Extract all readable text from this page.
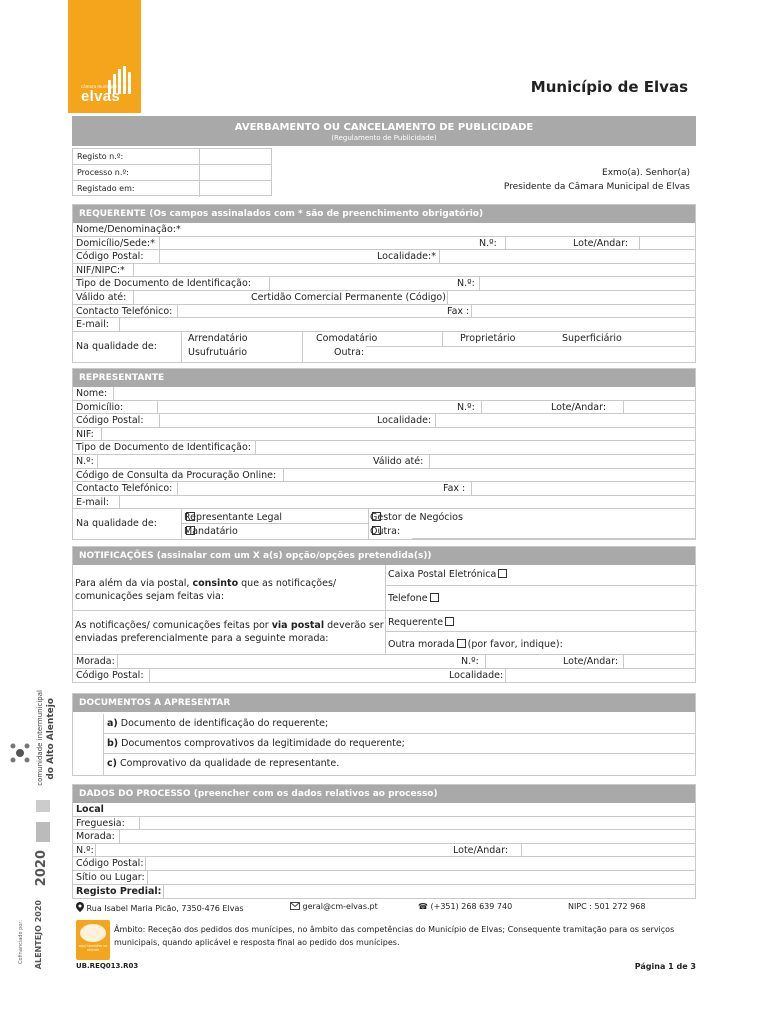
câmara municipal
elvas
Município de Elvas
comunidade intermunicipal do Alto Alentejo
2020
ALENTEJO 2020
Cofinanciado por:
AVERBAMENTO OU CANCELAMENTO DE PUBLICIDADE
(Regulamento de Publicidade)
Registo n.º:
Processo n.º:
Registado em:
Exmo(a). Senhor(a)
Presidente da Câmara Municipal de Elvas
REQUERENTE (Os campos assinalados com * são de preenchimento obrigatório)
Nome/Denominação:*
Domicílio/Sede:*	N.º:	Lote/Andar:
Código Postal:	Localidade:*
NIF/NIPC:*
Tipo de Documento de Identificação:	N.º:
Válido até:	Certidão Comercial Permanente (Código):
Contacto Telefónico:	Fax :
E-mail:
Na qualidade de:
Arrendatário	Comodatário	Proprietário	Superficiário
Usufrutuário	Outra:
REPRESENTANTE
Nome:
Domicílio:	N.º:	Lote/Andar:
Código Postal:	Localidade:
NIF:
Tipo de Documento de Identificação:
N.º:	Válido até:
Código de Consulta da Procuração Online:
Contacto Telefónico:	Fax :
E-mail:
Na qualidade de:
Representante Legal	Gestor de Negócios
Mandatário	Outra:
NOTIFICAÇÕES (assinalar com um X a(s) opção/opções pretendida(s))
Para além da via postal, consinto que as notificações/
comunicações sejam feitas via:
Caixa Postal Eletrónica
Telefone
As notificações/ comunicações feitas por via postal deverão ser
enviadas preferencialmente para a seguinte morada:
Requerente
Outra morada (por favor, indique):
Morada:	N.º:	Lote/Andar:
Código Postal:	Localidade:
DOCUMENTOS A APRESENTAR
a) Documento de identificação do requerente;
b) Documentos comprovativos da legitimidade do requerente;
c) Comprovativo da qualidade de representante.
DADOS DO PROCESSO (preencher com os dados relativos ao processo)
Local
Freguesia:
Morada:
N.º:	Lote/Andar:
Código Postal:
Sítio ou Lugar:
Registo Predial:
Rua Isabel Maria Picão, 7350-476 Elvas	geral@cm-elvas.pt	☎ (+351) 268 639 740	NIPC : 501 272 968
aqui também se atende
Âmbito: Receção dos pedidos dos munícipes, no âmbito das competências do Município de Elvas; Consequente tramitação para os serviços municipais, quando aplicável e resposta final ao pedido dos munícipes.
UB.REQ013.R03	Página 1 de 3
